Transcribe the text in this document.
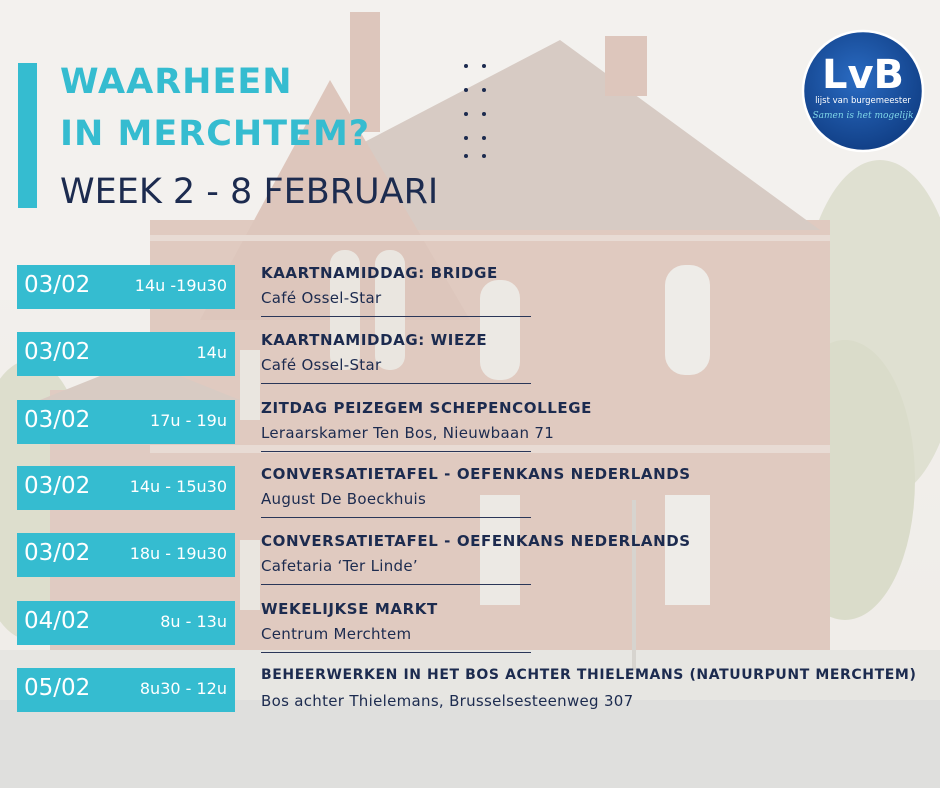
WAARHEEN
IN MERCHTEM?
WEEK 2 - 8 FEBRUARI
LvB
lijst van burgemeester
Samen is het mogelijk
03/02	14u -19u30
KAARTNAMIDDAG: BRIDGE
Café Ossel-Star
03/02	14u
KAARTNAMIDDAG: WIEZE
Café Ossel-Star
03/02	17u - 19u
ZITDAG PEIZEGEM SCHEPENCOLLEGE
Leraarskamer Ten Bos, Nieuwbaan 71
03/02 14u - 15u30
CONVERSATIETAFEL - OEFENKANS NEDERLANDS
August De Boeckhuis
03/02 18u - 19u30
CONVERSATIETAFEL - OEFENKANS NEDERLANDS
Cafetaria ‘Ter Linde’
04/02	8u - 13u
WEKELIJKSE MARKT
Centrum Merchtem
05/02	8u30 - 12u
BEHEERWERKEN IN HET BOS ACHTER THIELEMANS (NATUURPUNT MERCHTEM)
Bos achter Thielemans, Brusselsesteenweg 307
